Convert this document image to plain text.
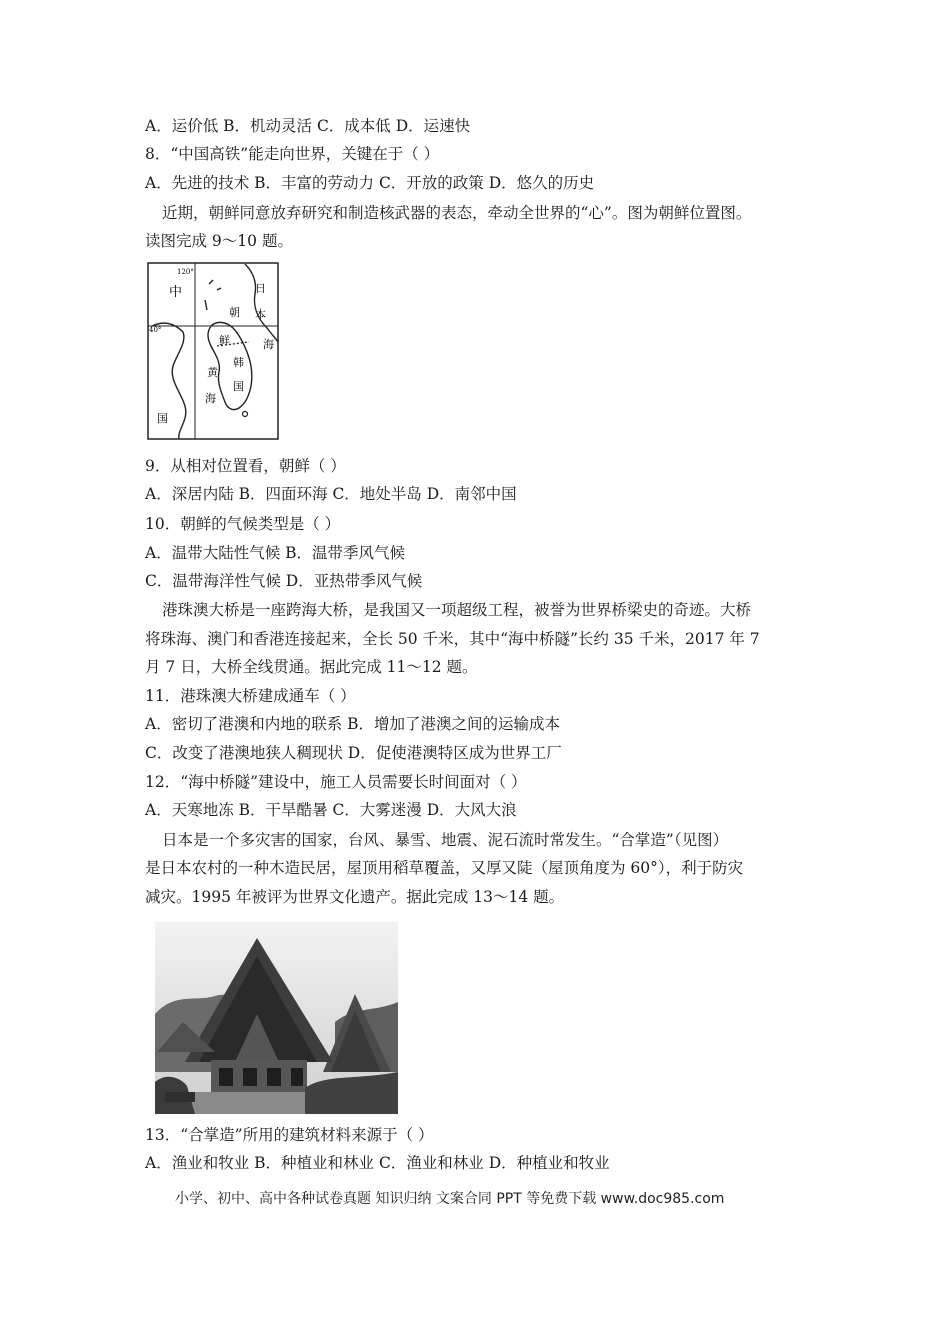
A．运价低 B．机动灵活 C．成本低 D．运速快
8．“中国高铁”能走向世界，关键在于（ ）
A．先进的技术 B．丰富的劳动力 C．开放的政策 D．悠久的历史
近期，朝鲜同意放弃研究和制造核武器的表态，牵动全世界的“心”。图为朝鲜位置图。
读图完成 9～10 题。
120°
40°
中
国
日
本
朝
鲜
韩
国
黄
海
海
9．从相对位置看，朝鲜（ ）
A．深居内陆 B．四面环海 C．地处半岛 D．南邻中国
10．朝鲜的气候类型是（ ）
A．温带大陆性气候 B．温带季风气候
C．温带海洋性气候 D．亚热带季风气候
港珠澳大桥是一座跨海大桥，是我国又一项超级工程，被誉为世界桥梁史的奇迹。大桥
将珠海、澳门和香港连接起来，全长 50 千米，其中“海中桥隧”长约 35 千米，2017 年 7
月 7 日，大桥全线贯通。据此完成 11～12 题。
11．港珠澳大桥建成通车（ ）
A．密切了港澳和内地的联系 B．增加了港澳之间的运输成本
C．改变了港澳地狭人稠现状 D．促使港澳特区成为世界工厂
12．“海中桥隧”建设中，施工人员需要长时间面对（ ）
A．天寒地冻 B．干旱酷暑 C．大雾迷漫 D．大风大浪
日本是一个多灾害的国家，台风、暴雪、地震、泥石流时常发生。“合掌造”（见图）
是日本农村的一种木造民居，屋顶用稻草覆盖，又厚又陡（屋顶角度为 60°），利于防灾
减灾。1995 年被评为世界文化遗产。据此完成 13～14 题。
13．“合掌造”所用的建筑材料来源于（ ）
A．渔业和牧业 B．种植业和林业 C．渔业和林业 D．种植业和牧业
小学、初中、高中各种试卷真题 知识归纳 文案合同 PPT 等免费下载 www.doc985.com
